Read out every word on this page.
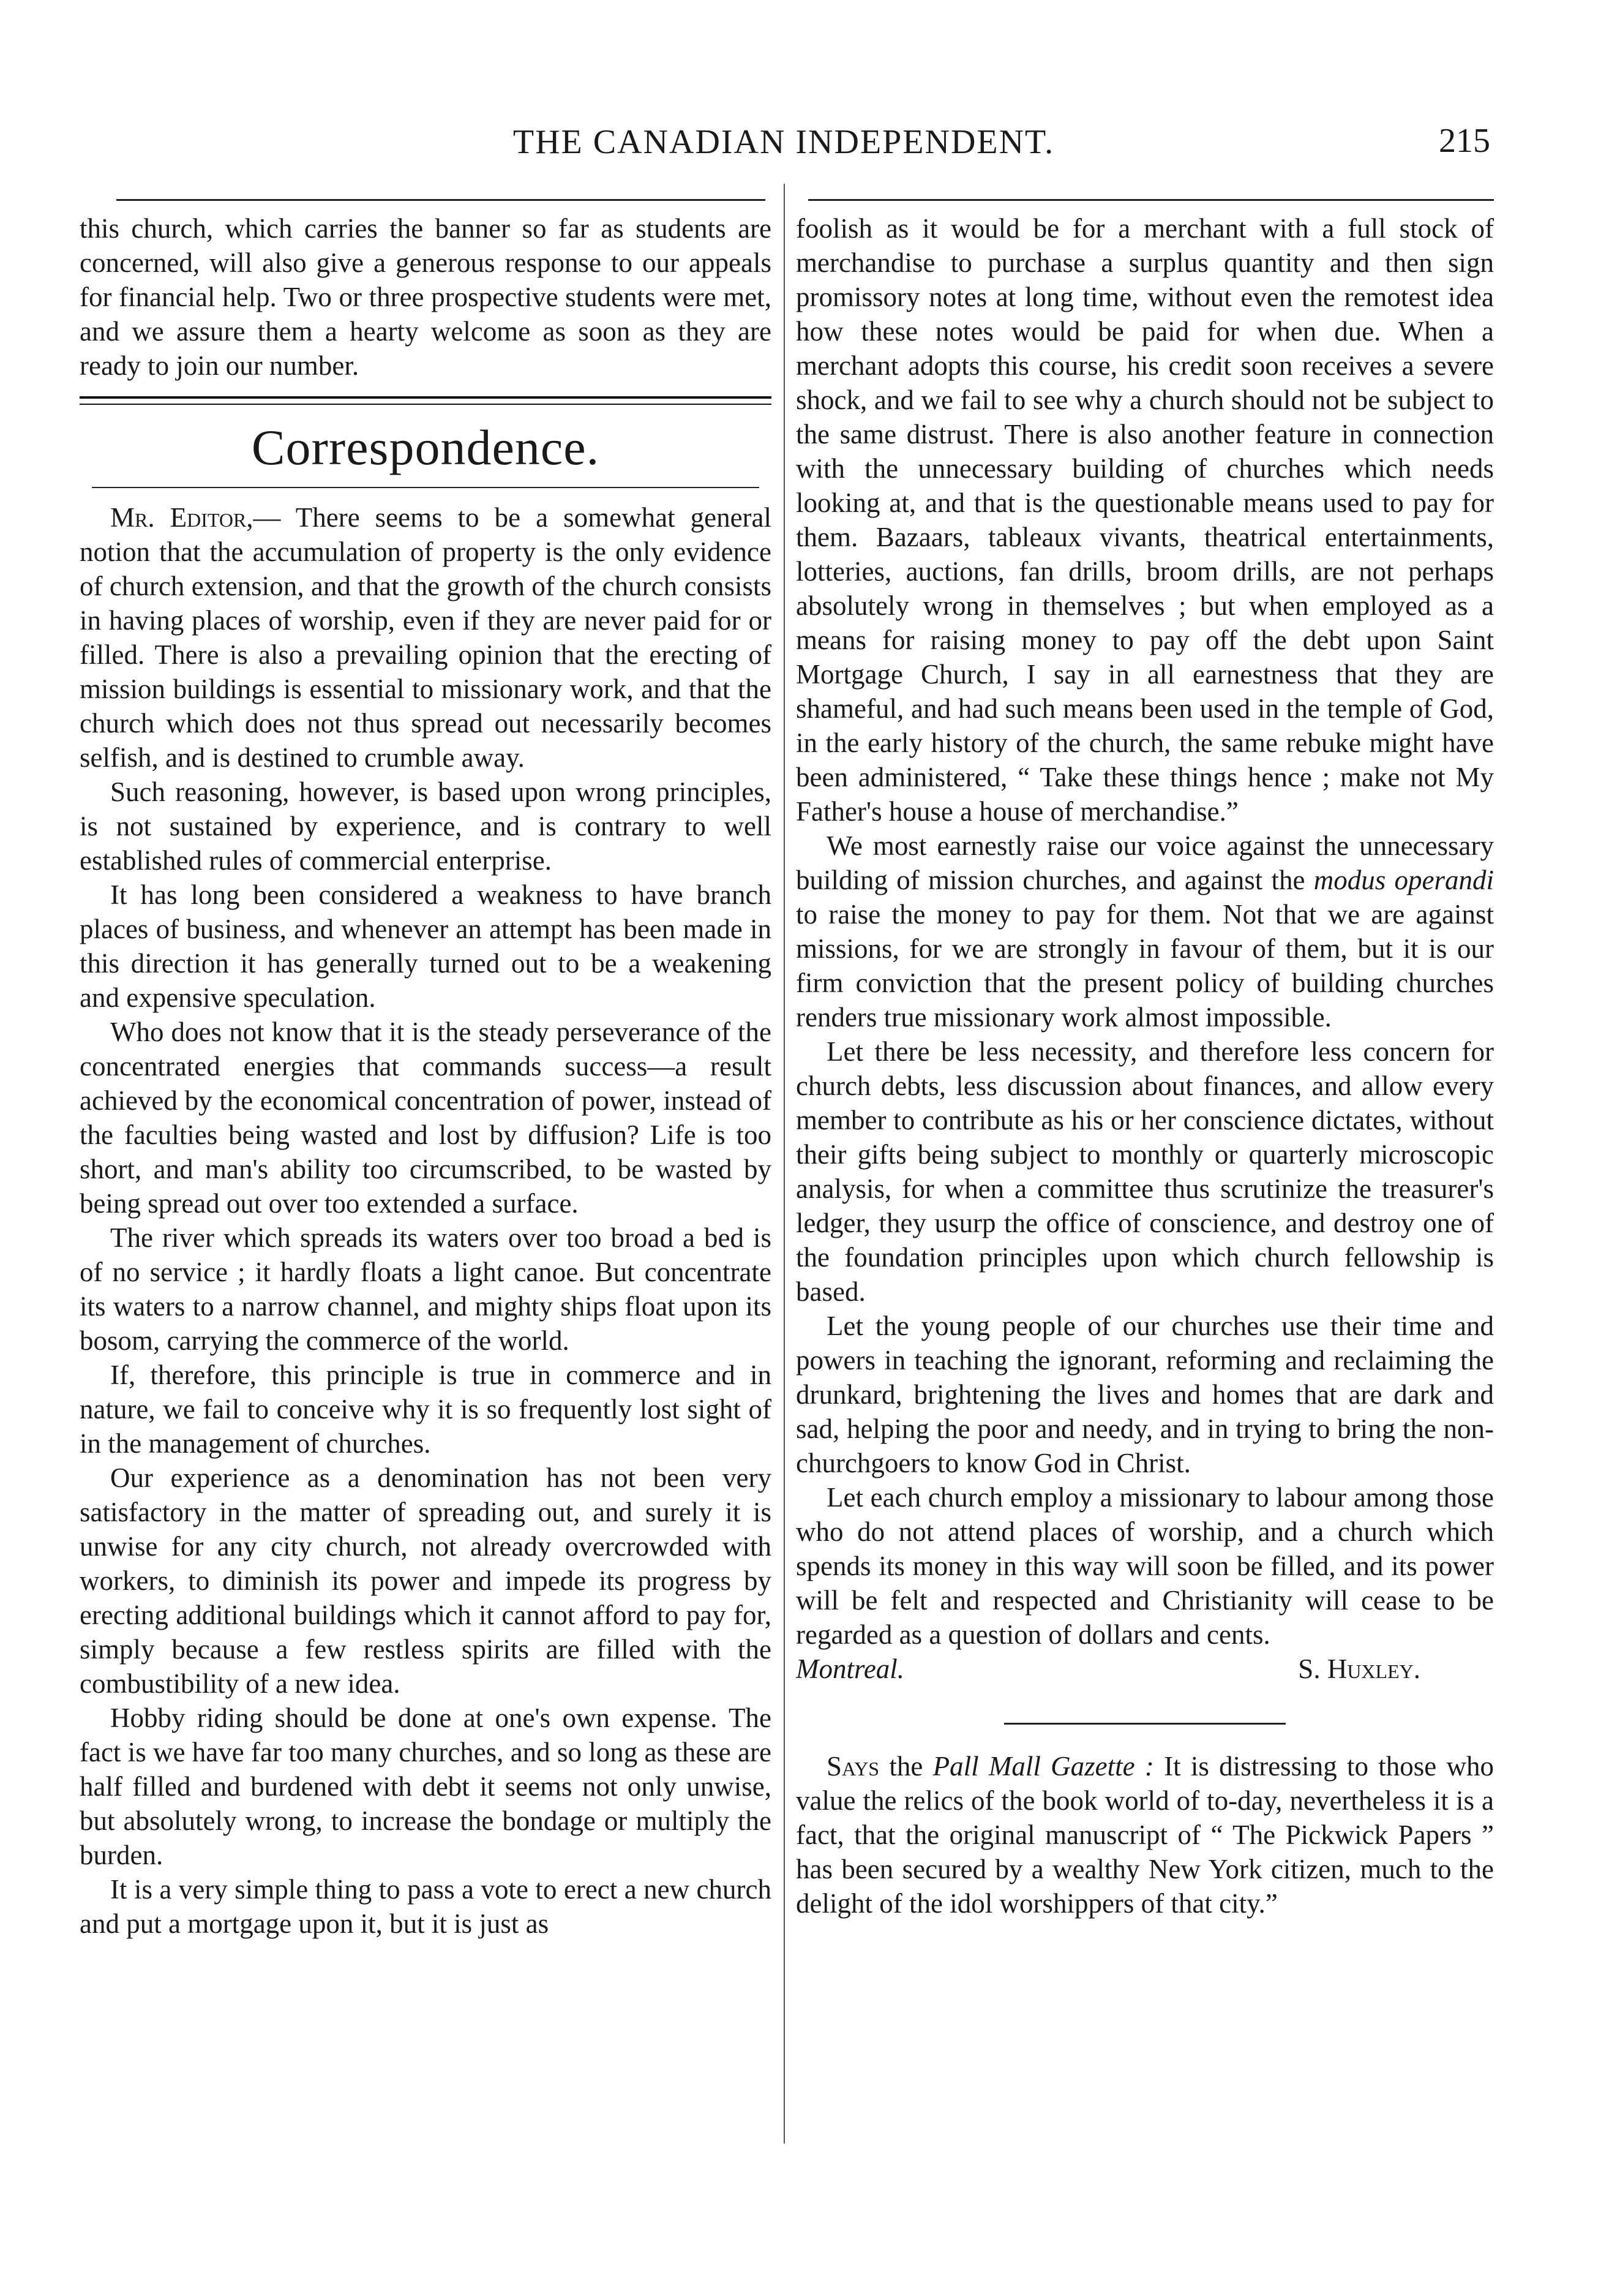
THE CANADIAN INDEPENDENT.	215

this church, which carries the banner so far as students are concerned, will also give a generous response to our appeals for financial help. Two or three prospective students were met, and we assure them a hearty welcome as soon as they are ready to join our number.

Correspondence.

Mr. Editor,— There seems to be a somewhat general notion that the accumulation of property is the only evidence of church extension, and that the growth of the church consists in having places of worship, even if they are never paid for or filled. There is also a prevailing opinion that the erecting of mission buildings is essential to missionary work, and that the church which does not thus spread out necessarily becomes selfish, and is destined to crumble away.

Such reasoning, however, is based upon wrong principles, is not sustained by experience, and is contrary to well established rules of commercial enterprise.

It has long been considered a weakness to have branch places of business, and whenever an attempt has been made in this direction it has generally turned out to be a weakening and expensive speculation.

Who does not know that it is the steady perseverance of the concentrated energies that commands success—a result achieved by the economical concentration of power, instead of the faculties being wasted and lost by diffusion? Life is too short, and man's ability too circumscribed, to be wasted by being spread out over too extended a surface.

The river which spreads its waters over too broad a bed is of no service ; it hardly floats a light canoe. But concentrate its waters to a narrow channel, and mighty ships float upon its bosom, carrying the commerce of the world.

If, therefore, this principle is true in commerce and in nature, we fail to conceive why it is so frequently lost sight of in the management of churches.

Our experience as a denomination has not been very satisfactory in the matter of spreading out, and surely it is unwise for any city church, not already overcrowded with workers, to diminish its power and impede its progress by erecting additional buildings which it cannot afford to pay for, simply because a few restless spirits are filled with the combustibility of a new idea.

Hobby riding should be done at one's own expense. The fact is we have far too many churches, and so long as these are half filled and burdened with debt it seems not only unwise, but absolutely wrong, to increase the bondage or multiply the burden.

It is a very simple thing to pass a vote to erect a new church and put a mortgage upon it, but it is just as

foolish as it would be for a merchant with a full stock of merchandise to purchase a surplus quantity and then sign promissory notes at long time, without even the remotest idea how these notes would be paid for when due. When a merchant adopts this course, his credit soon receives a severe shock, and we fail to see why a church should not be subject to the same distrust. There is also another feature in connection with the unnecessary building of churches which needs looking at, and that is the questionable means used to pay for them. Bazaars, tableaux vivants, theatrical entertainments, lotteries, auctions, fan drills, broom drills, are not perhaps absolutely wrong in themselves ; but when employed as a means for raising money to pay off the debt upon Saint Mortgage Church, I say in all earnestness that they are shameful, and had such means been used in the temple of God, in the early history of the church, the same rebuke might have been administered, “ Take these things hence ; make not My Father's house a house of merchandise.”

We most earnestly raise our voice against the unnecessary building of mission churches, and against the modus operandi to raise the money to pay for them. Not that we are against missions, for we are strongly in favour of them, but it is our firm conviction that the present policy of building churches renders true missionary work almost impossible.

Let there be less necessity, and therefore less concern for church debts, less discussion about finances, and allow every member to contribute as his or her conscience dictates, without their gifts being subject to monthly or quarterly microscopic analysis, for when a committee thus scrutinize the treasurer's ledger, they usurp the office of conscience, and destroy one of the foundation principles upon which church fellowship is based.

Let the young people of our churches use their time and powers in teaching the ignorant, reforming and reclaiming the drunkard, brightening the lives and homes that are dark and sad, helping the poor and needy, and in trying to bring the non-churchgoers to know God in Christ.

Let each church employ a missionary to labour among those who do not attend places of worship, and a church which spends its money in this way will soon be filled, and its power will be felt and respected and Christianity will cease to be regarded as a question of dollars and cents.
S. Huxley.

Montreal.

Says the Pall Mall Gazette : It is distressing to those who value the relics of the book world of to-day, nevertheless it is a fact, that the original manuscript of “ The Pickwick Papers ” has been secured by a wealthy New York citizen, much to the delight of the idol worshippers of that city.”
